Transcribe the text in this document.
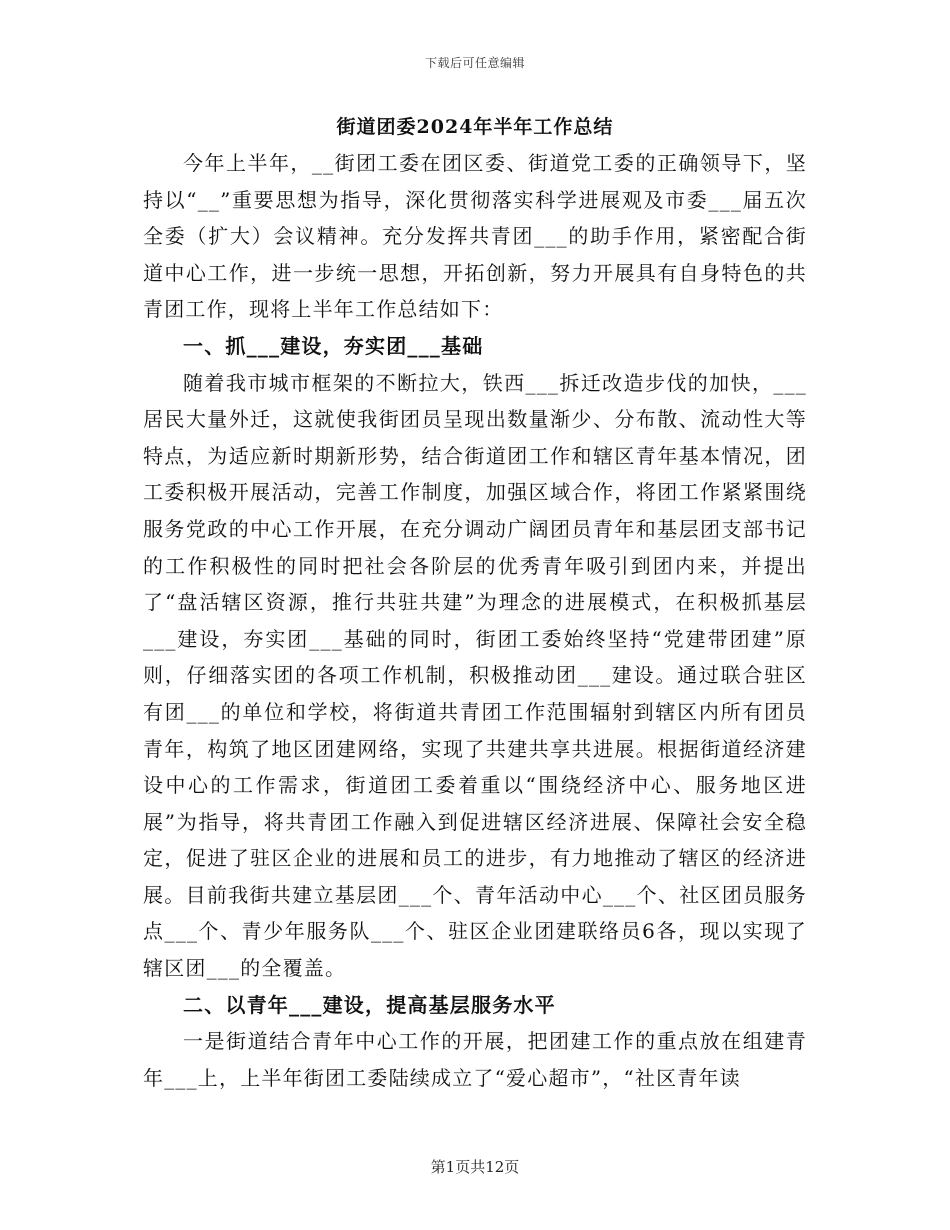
下载后可任意编辑
街道团委2024年半年工作总结

今年上半年，__街团工委在团区委、街道党工委的正确领导下，坚持以“__”重要思想为指导，深化贯彻落实科学进展观及市委___届五次全委（扩大）会议精神。充分发挥共青团___的助手作用，紧密配合街道中心工作，进一步统一思想，开拓创新，努力开展具有自身特色的共青团工作，现将上半年工作总结如下：

一、抓___建设，夯实团___基础

随着我市城市框架的不断拉大，铁西___拆迁改造步伐的加快，___居民大量外迁，这就使我街团员呈现出数量渐少、分布散、流动性大等特点，为适应新时期新形势，结合街道团工作和辖区青年基本情况，团工委积极开展活动，完善工作制度，加强区域合作，将团工作紧紧围绕服务党政的中心工作开展，在充分调动广阔团员青年和基层团支部书记的工作积极性的同时把社会各阶层的优秀青年吸引到团内来，并提出了“盘活辖区资源，推行共驻共建”为理念的进展模式，在积极抓基层___建设，夯实团___基础的同时，街团工委始终坚持“党建带团建”原则，仔细落实团的各项工作机制，积极推动团___建设。通过联合驻区有团___的单位和学校，将街道共青团工作范围辐射到辖区内所有团员青年，构筑了地区团建网络，实现了共建共享共进展。根据街道经济建设中心的工作需求，街道团工委着重以“围绕经济中心、服务地区进展”为指导，将共青团工作融入到促进辖区经济进展、保障社会安全稳定，促进了驻区企业的进展和员工的进步，有力地推动了辖区的经济进展。目前我街共建立基层团___个、青年活动中心___个、社区团员服务点___个、青少年服务队___个、驻区企业团建联络员6各，现以实现了辖区团___的全覆盖。

二、以青年___建设，提高基层服务水平

一是街道结合青年中心工作的开展，把团建工作的重点放在组建青年___上，上半年街团工委陆续成立了“爱心超市”，“社区青年读

第1页共12页
